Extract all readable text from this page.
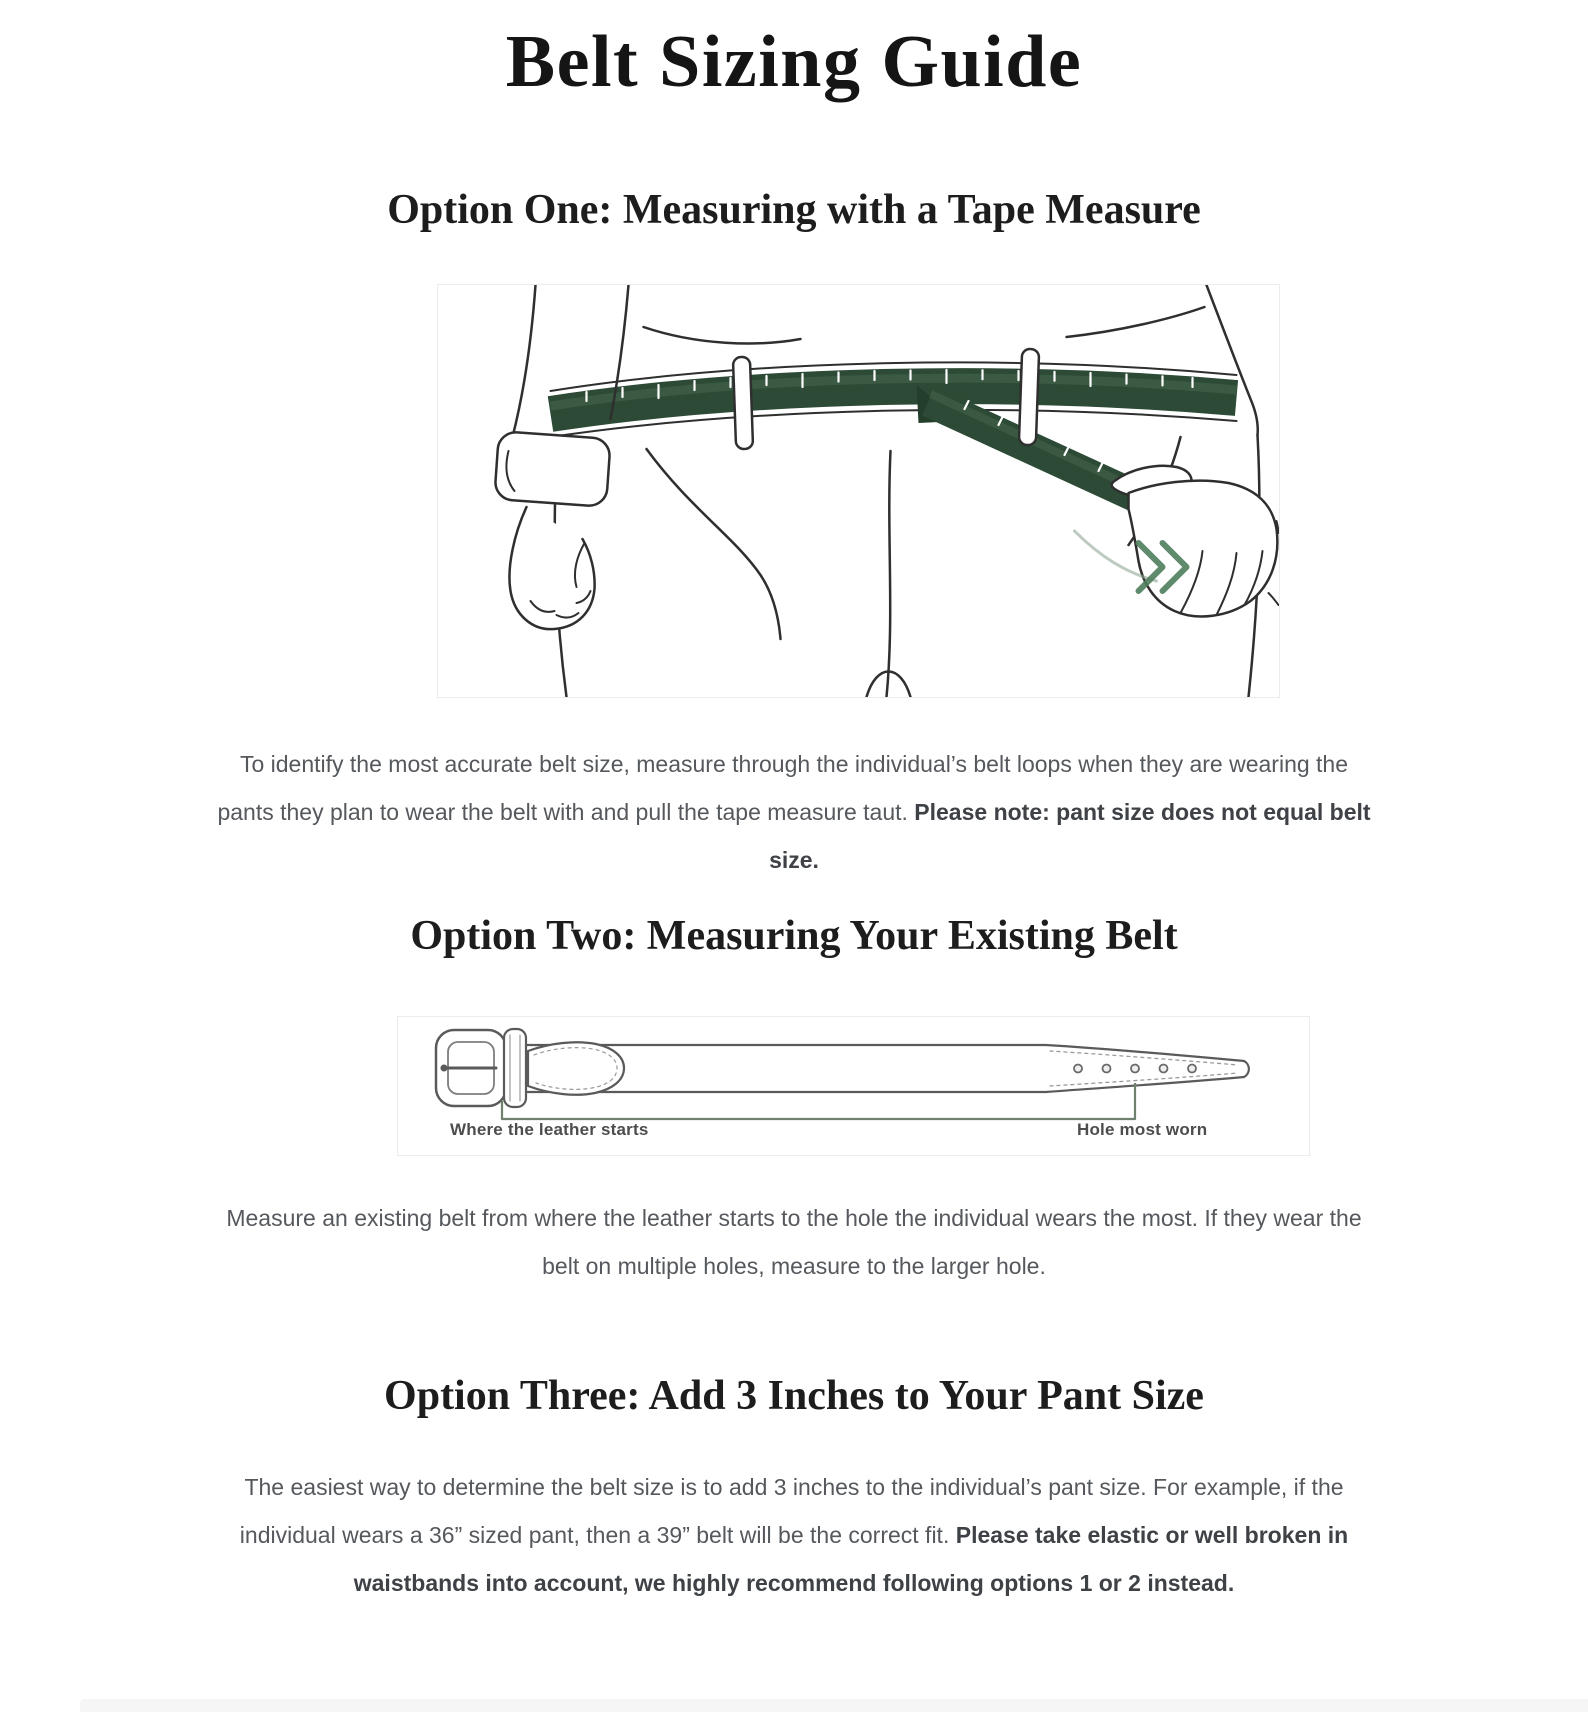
Belt Sizing Guide
Option One: Measuring with a Tape Measure

To identify the most accurate belt size, measure through the individual’s belt loops when they are wearing the pants they plan to wear the belt with and pull the tape measure taut. Please note: pant size does not equal belt size.

Option Two: Measuring Your Existing Belt
Where the leather starts	Hole most worn

Measure an existing belt from where the leather starts to the hole the individual wears the most. If they wear the belt on multiple holes, measure to the larger hole.

Option Three: Add 3 Inches to Your Pant Size

The easiest way to determine the belt size is to add 3 inches to the individual’s pant size. For example, if the individual wears a 36” sized pant, then a 39” belt will be the correct fit. Please take elastic or well broken in waistbands into account, we highly recommend following options 1 or 2 instead.
